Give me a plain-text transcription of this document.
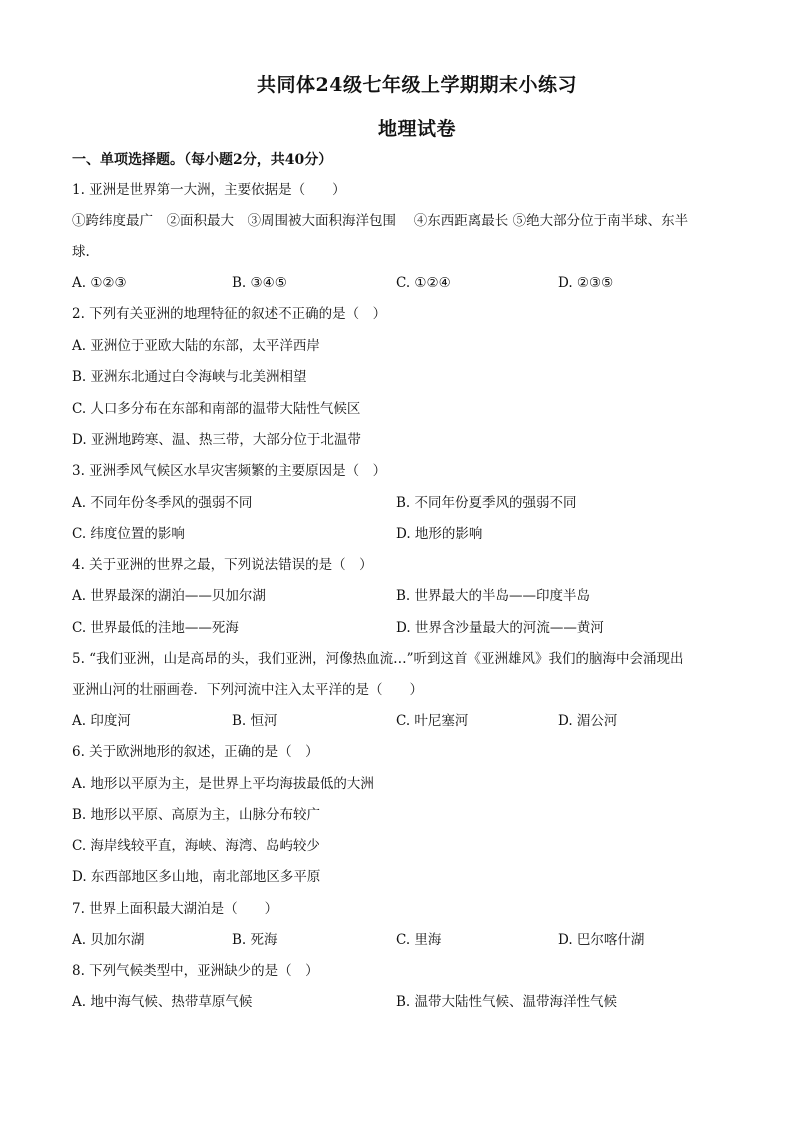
共同体24级七年级上学期期末小练习
地理试卷
一、单项选择题。（每小题2分，共40分）
1. 亚洲是世界第一大洲，主要依据是（　　）
①跨纬度最广　②面积最大　③周围被大面积海洋包围　 ④东西距离最长 ⑤绝大部分位于南半球、东半
球.
A. ①②③	B. ③④⑤	C. ①②④	D. ②③⑤
2. 下列有关亚洲的地理特征的叙述不正确的是（　）
A. 亚洲位于亚欧大陆的东部，太平洋西岸
B. 亚洲东北通过白令海峡与北美洲相望
C. 人口多分布在东部和南部的温带大陆性气候区
D. 亚洲地跨寒、温、热三带，大部分位于北温带
3. 亚洲季风气候区水旱灾害频繁的主要原因是（　）
A. 不同年份冬季风的强弱不同	B. 不同年份夏季风的强弱不同
C. 纬度位置的影响	D. 地形的影响
4. 关于亚洲的世界之最，下列说法错误的是（　）
A. 世界最深的湖泊——贝加尔湖	B. 世界最大的半岛——印度半岛
C. 世界最低的洼地——死海	D. 世界含沙量最大的河流——黄河
5. “我们亚洲，山是高昂的头，我们亚洲，河像热血流…”听到这首《亚洲雄风》我们的脑海中会涌现出
亚洲山河的壮丽画卷．下列河流中注入太平洋的是（　　）
A. 印度河	B. 恒河	C. 叶尼塞河	D. 湄公河
6. 关于欧洲地形的叙述，正确的是（　）
A. 地形以平原为主，是世界上平均海拔最低的大洲
B. 地形以平原、高原为主，山脉分布较广
C. 海岸线较平直，海峡、海湾、岛屿较少
D. 东西部地区多山地，南北部地区多平原
7. 世界上面积最大湖泊是（　　）
A. 贝加尔湖	B. 死海	C. 里海	D. 巴尔喀什湖
8. 下列气候类型中，亚洲缺少的是（　）
A. 地中海气候、热带草原气候	B. 温带大陆性气候、温带海洋性气候
